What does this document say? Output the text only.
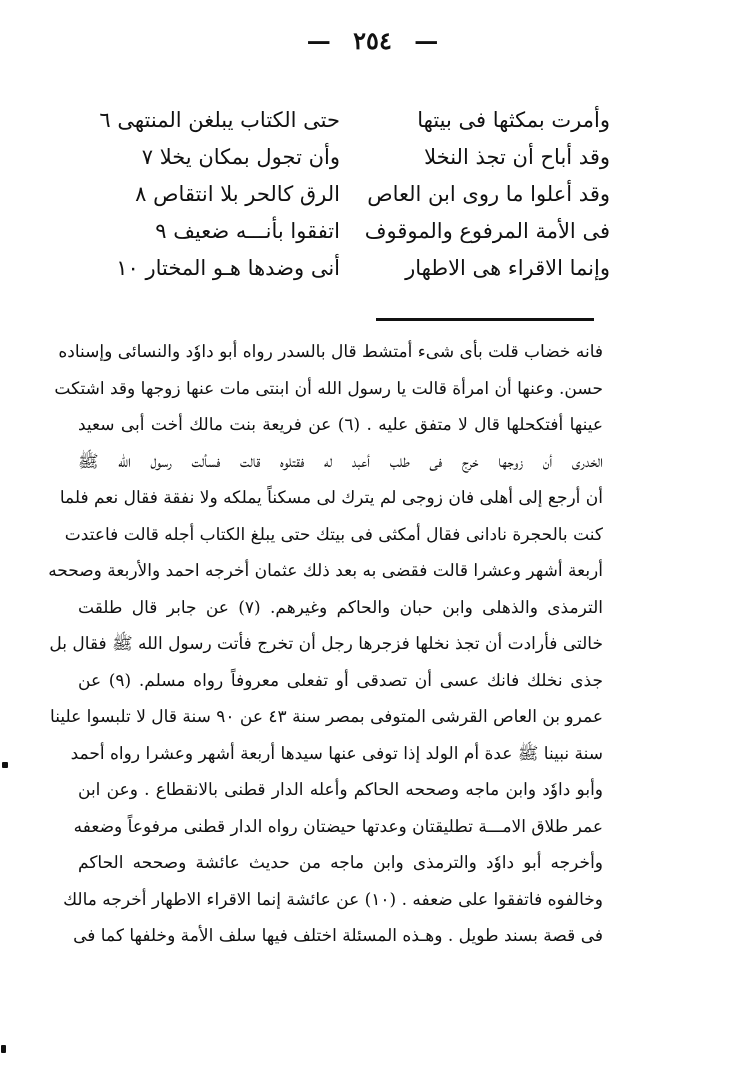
— ٢٥٤ —
وأمرت بمكثها فى بيتها
حتى الكتاب يبلغن المنتهى ٦
وقد أباح أن تجذ النخلا
وأن تجول بمكان يخلا ٧
وقد أعلوا ما روى ابن العاص
الرق كالحر بلا انتقاص ٨
فى الأمة المرفوع والموقوف
اتفقوا بأنـــه ضعيف ٩
وإنما الاقراء هى الاطهار
أنى وضدها هـو المختار ١٠
فانه خضاب قلت بأى شىء أمتشط قال بالسدر رواه أبو داوٗد والنسائى وإسناده
حسن. وعنها أن امرأة قالت يا رسول الله أن ابنتى مات عنها زوجها وقد اشتكت
عينها أفتكحلها قال لا متفق عليه . (٦) عن فريعة بنت مالك أخت أبى سعيد
الخدرى أن زوجها خرج فى طلب أعبد له فقتلوه قالت فسألت رسول الله ﷺ
أن أرجع إلى أهلى فان زوجى لم يترك لى مسكناً يملكه ولا نفقة فقال نعم فلما
كنت بالحجرة نادانى فقال أمكثى فى بيتك حتى يبلغ الكتاب أجله قالت فاعتدت
أربعة أشهر وعشرا قالت فقضى به بعد ذلك عثمان أخرجه احمد والأربعة وصححه
الترمذى والذهلى وابن حبان والحاكم وغيرهم. (٧) عن جابر قال طلقت
خالتى فأرادت أن تجذ نخلها فزجرها رجل أن تخرج فأتت رسول الله ﷺ فقال بل
جذى نخلك فانك عسى أن تصدقى أو تفعلى معروفاً رواه مسلم. (٩) عن
عمرو بن العاص القرشى المتوفى بمصر سنة ٤٣ عن ٩٠ سنة قال لا تلبسوا علينا
سنة نبينا ﷺ عدة أم الولد إذا توفى عنها سيدها أربعة أشهر وعشرا رواه أحمد
وأبو داوٗد وابن ماجه وصححه الحاكم وأعله الدار قطنى بالانقطاع . وعن ابن
عمر طلاق الامـــة تطليقتان وعدتها حيضتان رواه الدار قطنى مرفوعاً وضعفه
وأخرجه أبو داوٗد والترمذى وابن ماجه من حديث عائشة وصححه الحاكم
وخالفوه فاتفقوا على ضعفه . (١٠) عن عائشة إنما الاقراء الاطهار أخرجه مالك
فى قصة بسند طويل . وهـذه المسئلة اختلف فيها سلف الأمة وخلفها كما فى
